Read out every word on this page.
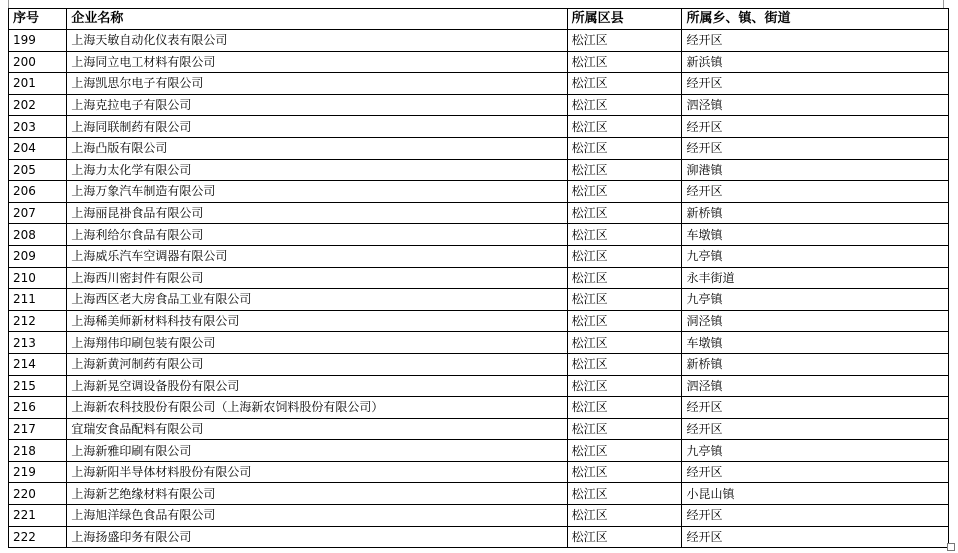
序号	企业名称	所属区县	所属乡、镇、街道
199	上海天敏自动化仪表有限公司	松江区	经开区
200	上海同立电工材料有限公司	松江区	新浜镇
201	上海凯思尔电子有限公司	松江区	经开区
202	上海克拉电子有限公司	松江区	泗泾镇
203	上海同联制药有限公司	松江区	经开区
204	上海凸版有限公司	松江区	经开区
205	上海力太化学有限公司	松江区	泖港镇
206	上海万象汽车制造有限公司	松江区	经开区
207	上海丽昆褂食品有限公司	松江区	新桥镇
208	上海利给尔食品有限公司	松江区	车墩镇
209	上海威乐汽车空调器有限公司	松江区	九亭镇
210	上海西川密封件有限公司	松江区	永丰街道
211	上海西区老大房食品工业有限公司	松江区	九亭镇
212	上海稀美师新材料科技有限公司	松江区	洞泾镇
213	上海翔伟印刷包装有限公司	松江区	车墩镇
214	上海新黄河制药有限公司	松江区	新桥镇
215	上海新晃空调设备股份有限公司	松江区	泗泾镇
216	上海新农科技股份有限公司（上海新农饲料股份有限公司）	松江区	经开区
217	宜瑞安食品配料有限公司	松江区	经开区
218	上海新雅印刷有限公司	松江区	九亭镇
219	上海新阳半导体材料股份有限公司	松江区	经开区
220	上海新艺绝缘材料有限公司	松江区	小昆山镇
221	上海旭洋绿色食品有限公司	松江区	经开区
222	上海扬盛印务有限公司	松江区	经开区
